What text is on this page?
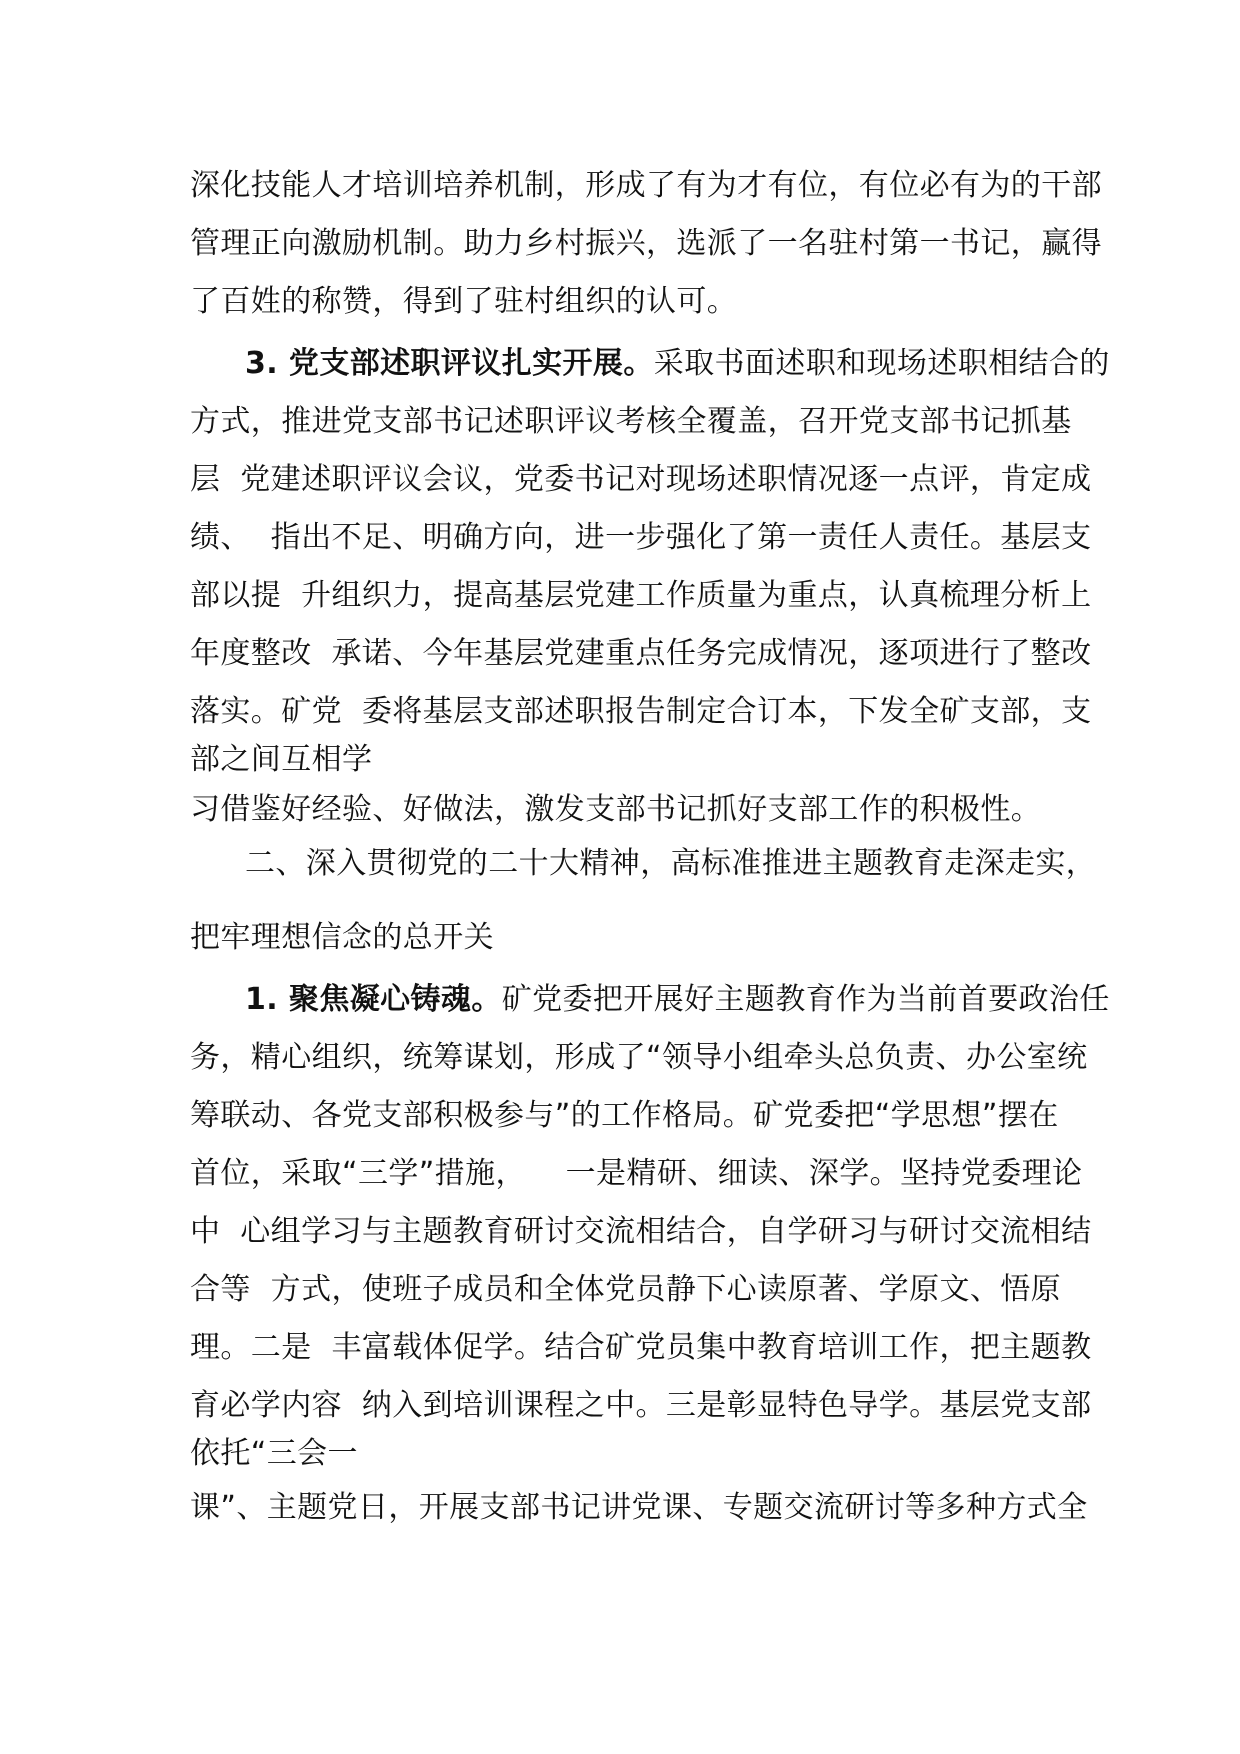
深化技能人才培训培养机制，形成了有为才有位，有位必有为的干部
管理正向激励机制。助力乡村振兴，选派了一名驻村第一书记，赢得
了百姓的称赞，得到了驻村组织的认可。
3. 党支部述职评议扎实开展。采取书面述职和现场述职相结合的
方式，推进党支部书记述职评议考核全覆盖，召开党支部书记抓基
层  党建述职评议会议，党委书记对现场述职情况逐一点评，肯定成
绩、  指出不足、明确方向，进一步强化了第一责任人责任。基层支
部以提  升组织力，提高基层党建工作质量为重点，认真梳理分析上
年度整改  承诺、今年基层党建重点任务完成情况，逐项进行了整改
落实。矿党  委将基层支部述职报告制定合订本，下发全矿支部，支
部之间互相学
习借鉴好经验、好做法，激发支部书记抓好支部工作的积极性。
二、深入贯彻党的二十大精神，高标准推进主题教育走深走实，
把牢理想信念的总开关
1. 聚焦凝心铸魂。矿党委把开展好主题教育作为当前首要政治任
务，精心组织，统筹谋划，形成了“领导小组牵头总负责、办公室统
筹联动、各党支部积极参与”的工作格局。矿党委把“学思想”摆在
首位，采取“三学”措施，    一是精研、细读、深学。坚持党委理论
中  心组学习与主题教育研讨交流相结合，自学研习与研讨交流相结
合等  方式，使班子成员和全体党员静下心读原著、学原文、悟原
理。二是  丰富载体促学。结合矿党员集中教育培训工作，把主题教
育必学内容  纳入到培训课程之中。三是彰显特色导学。基层党支部
依托“三会一
课”、主题党日，开展支部书记讲党课、专题交流研讨等多种方式全
